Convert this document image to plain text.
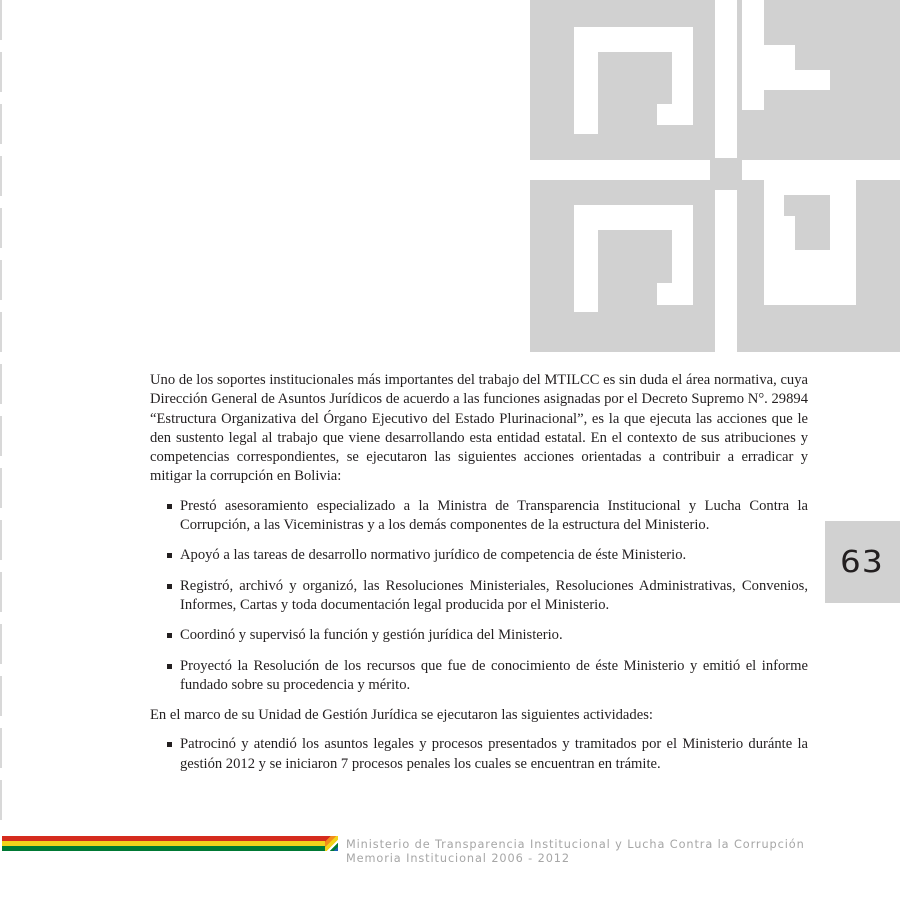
Uno de los soportes institucionales más importantes del trabajo del MTILCC es sin duda el área normativa, cuya Dirección General de Asuntos Jurídicos de acuerdo a las funciones asignadas por el Decreto Supremo N°. 29894 “Estructura Organizativa del Órgano Ejecutivo del Estado Plurinacional”, es la que ejecuta las acciones que le den sustento legal al trabajo que viene desarrollando esta entidad estatal. En el contexto de sus atribuciones y competencias correspondientes, se ejecutaron las siguientes acciones orientadas a contribuir a erradicar y mitigar la corrupción en Bolivia:

Prestó asesoramiento especializado a la Ministra de Transparencia Institucional y Lucha Contra la Corrupción, a las Viceministras y a los demás componentes de la estructura del Ministerio.
Apoyó a las tareas de desarrollo normativo jurídico de competencia de éste Ministerio.
Registró, archivó y organizó, las Resoluciones Ministeriales, Resoluciones Administrativas, Convenios, Informes, Cartas y toda documentación legal producida por el Ministerio.
Coordinó y supervisó la función y gestión jurídica del Ministerio.
Proyectó la Resolución de los recursos que fue de conocimiento de éste Ministerio y emitió el informe fundado sobre su procedencia y mérito.

En el marco de su Unidad de Gestión Jurídica se ejecutaron las siguientes actividades:

Patrocinó y atendió los asuntos legales y procesos presentados y tramitados por el Ministerio duránte la gestión 2012 y se iniciaron 7 procesos penales los cuales se encuentran en trámite.
63
Ministerio de Transparencia Institucional y Lucha Contra la Corrupción
Memoria Institucional 2006 - 2012
